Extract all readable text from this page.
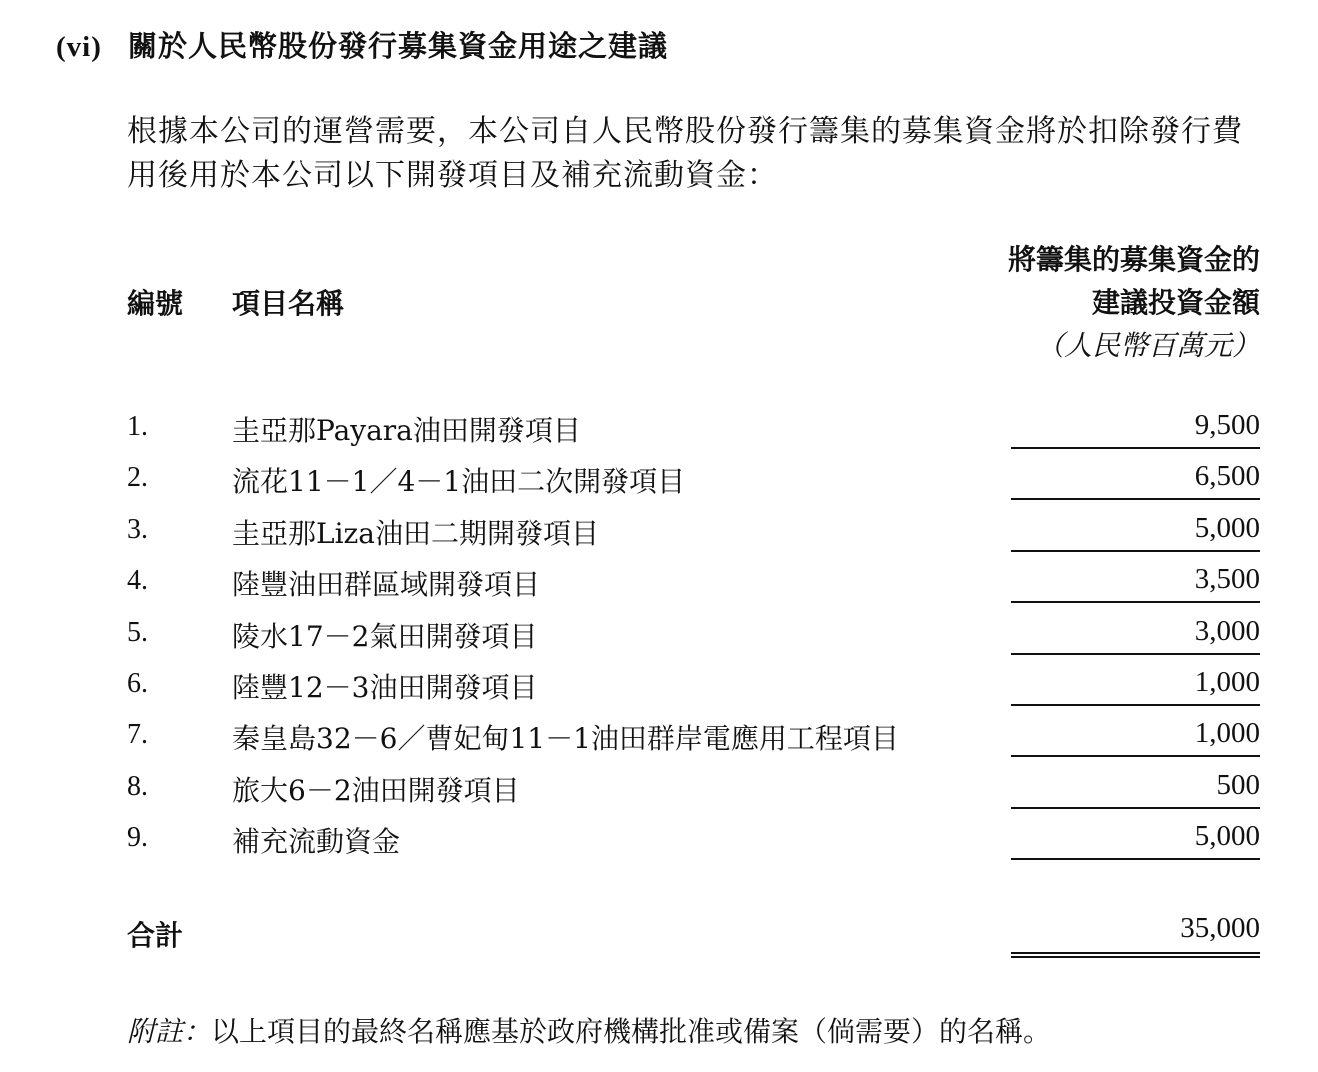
(vi) 關於人民幣股份發行募集資金用途之建議
根據本公司的運營需要，本公司自人民幣股份發行籌集的募集資金將於扣除發行費用後用於本公司以下開發項目及補充流動資金：
編號 項目名稱
將籌集的募集資金的
建議投資金額
（人民幣百萬元）
1.	圭亞那Payara油田開發項目	9,500
2.	流花11－1／4－1油田二次開發項目	6,500
3.	圭亞那Liza油田二期開發項目	5,000
4.	陸豐油田群區域開發項目	3,500
5.	陵水17－2氣田開發項目	3,000
6.	陸豐12－3油田開發項目	1,000
7.	秦皇島32－6／曹妃甸11－1油田群岸電應用工程項目	1,000
8.	旅大6－2油田開發項目	500
9.	補充流動資金	5,000
合計	35,000
附註：以上項目的最終名稱應基於政府機構批准或備案（倘需要）的名稱。
